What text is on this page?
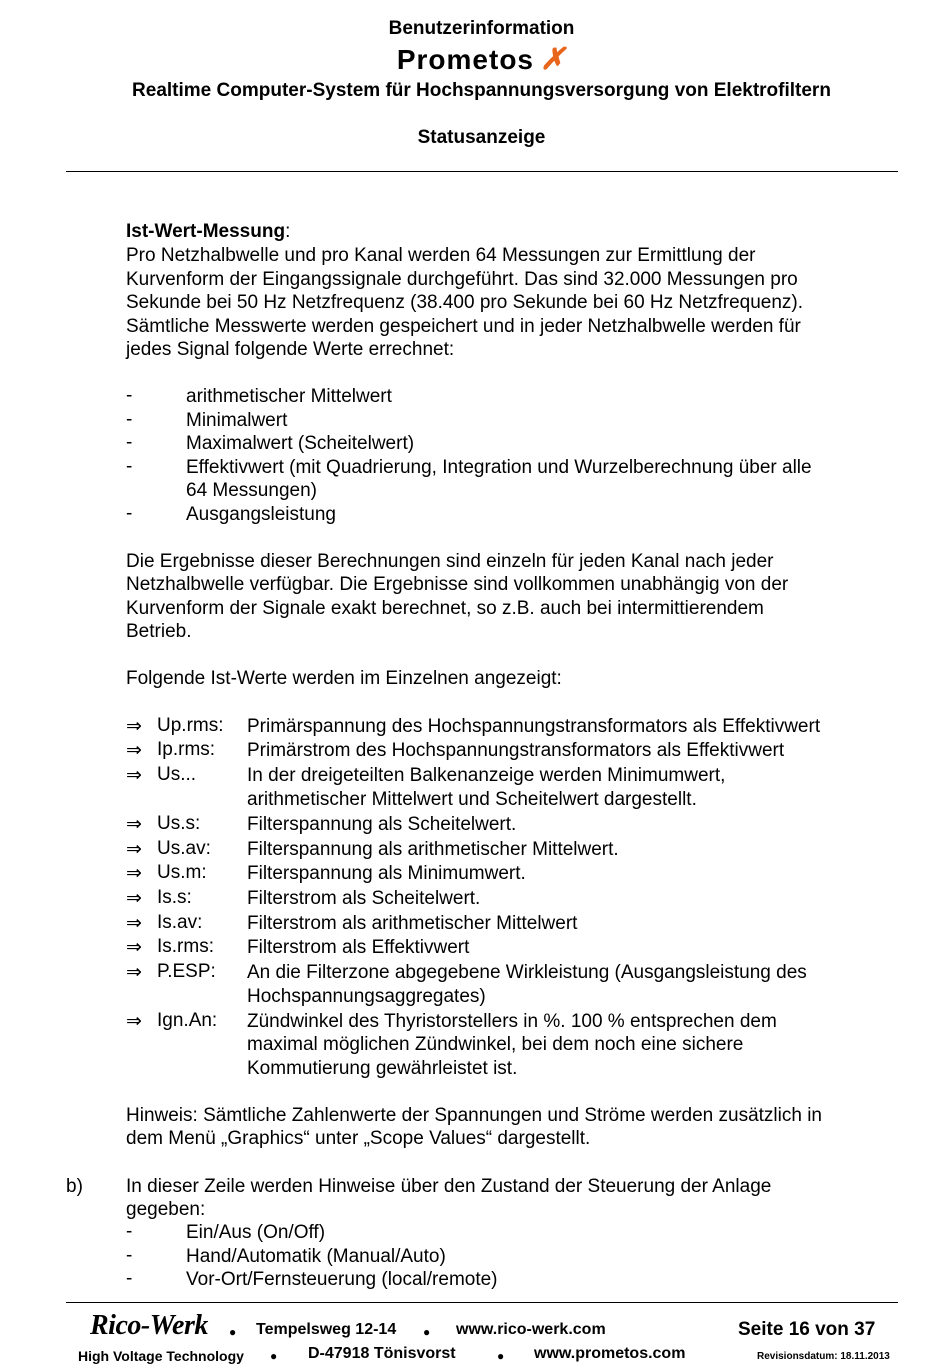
Benutzerinformation
Prometos ✗
Realtime Computer-System für Hochspannungsversorgung von Elektrofiltern
Statusanzeige
Ist-Wert-Messung:
Pro Netzhalbwelle und pro Kanal werden 64 Messungen zur Ermittlung der
Kurvenform der Eingangssignale durchgeführt. Das sind 32.000 Messungen pro
Sekunde bei 50 Hz Netzfrequenz (38.400 pro Sekunde bei 60 Hz Netzfrequenz).
Sämtliche Messwerte werden gespeichert und in jeder Netzhalbwelle werden für
jedes Signal folgende Werte errechnet:
-	arithmetischer Mittelwert
-	Minimalwert
-	Maximalwert (Scheitelwert)
-	Effektivwert (mit Quadrierung, Integration und Wurzelberechnung über alle
64 Messungen)
-	Ausgangsleistung
Die Ergebnisse dieser Berechnungen sind einzeln für jeden Kanal nach jeder
Netzhalbwelle verfügbar. Die Ergebnisse sind vollkommen unabhängig von der
Kurvenform der Signale exakt berechnet, so z.B. auch bei intermittierendem
Betrieb.
Folgende Ist-Werte werden im Einzelnen angezeigt:
⇒ Up.rms: Primärspannung des Hochspannungstransformators als Effektivwert
⇒ Ip.rms: Primärstrom des Hochspannungstransformators als Effektivwert
⇒ Us...	In der dreigeteilten Balkenanzeige werden Minimumwert,
arithmetischer Mittelwert und Scheitelwert dargestellt.
⇒ Us.s: Filterspannung als Scheitelwert.
⇒ Us.av: Filterspannung als arithmetischer Mittelwert.
⇒ Us.m: Filterspannung als Minimumwert.
⇒ Is.s:	Filterstrom als Scheitelwert.
⇒ Is.av: Filterstrom als arithmetischer Mittelwert
⇒ Is.rms: Filterstrom als Effektivwert
⇒ P.ESP: An die Filterzone abgegebene Wirkleistung (Ausgangsleistung des
Hochspannungsaggregates)
⇒ Ign.An: Zündwinkel des Thyristorstellers in %. 100 % entsprechen dem
maximal möglichen Zündwinkel, bei dem noch eine sichere
Kommutierung gewährleistet ist.
Hinweis: Sämtliche Zahlenwerte der Spannungen und Ströme werden zusätzlich in
dem Menü „Graphics“ unter „Scope Values“ dargestellt.
b) In dieser Zeile werden Hinweise über den Zustand der Steuerung der Anlage
gegeben:
-	Ein/Aus (On/Off)
-	Hand/Automatik (Manual/Auto)
-	Vor-Ort/Fernsteuerung (local/remote)
Rico-Werk
High Voltage Technology
● Tempelsweg 12-14 ● www.rico-werk.com
● D-47918 Tönisvorst	● www.prometos.com
Seite 16 von 37
Revisionsdatum: 18.11.2013
